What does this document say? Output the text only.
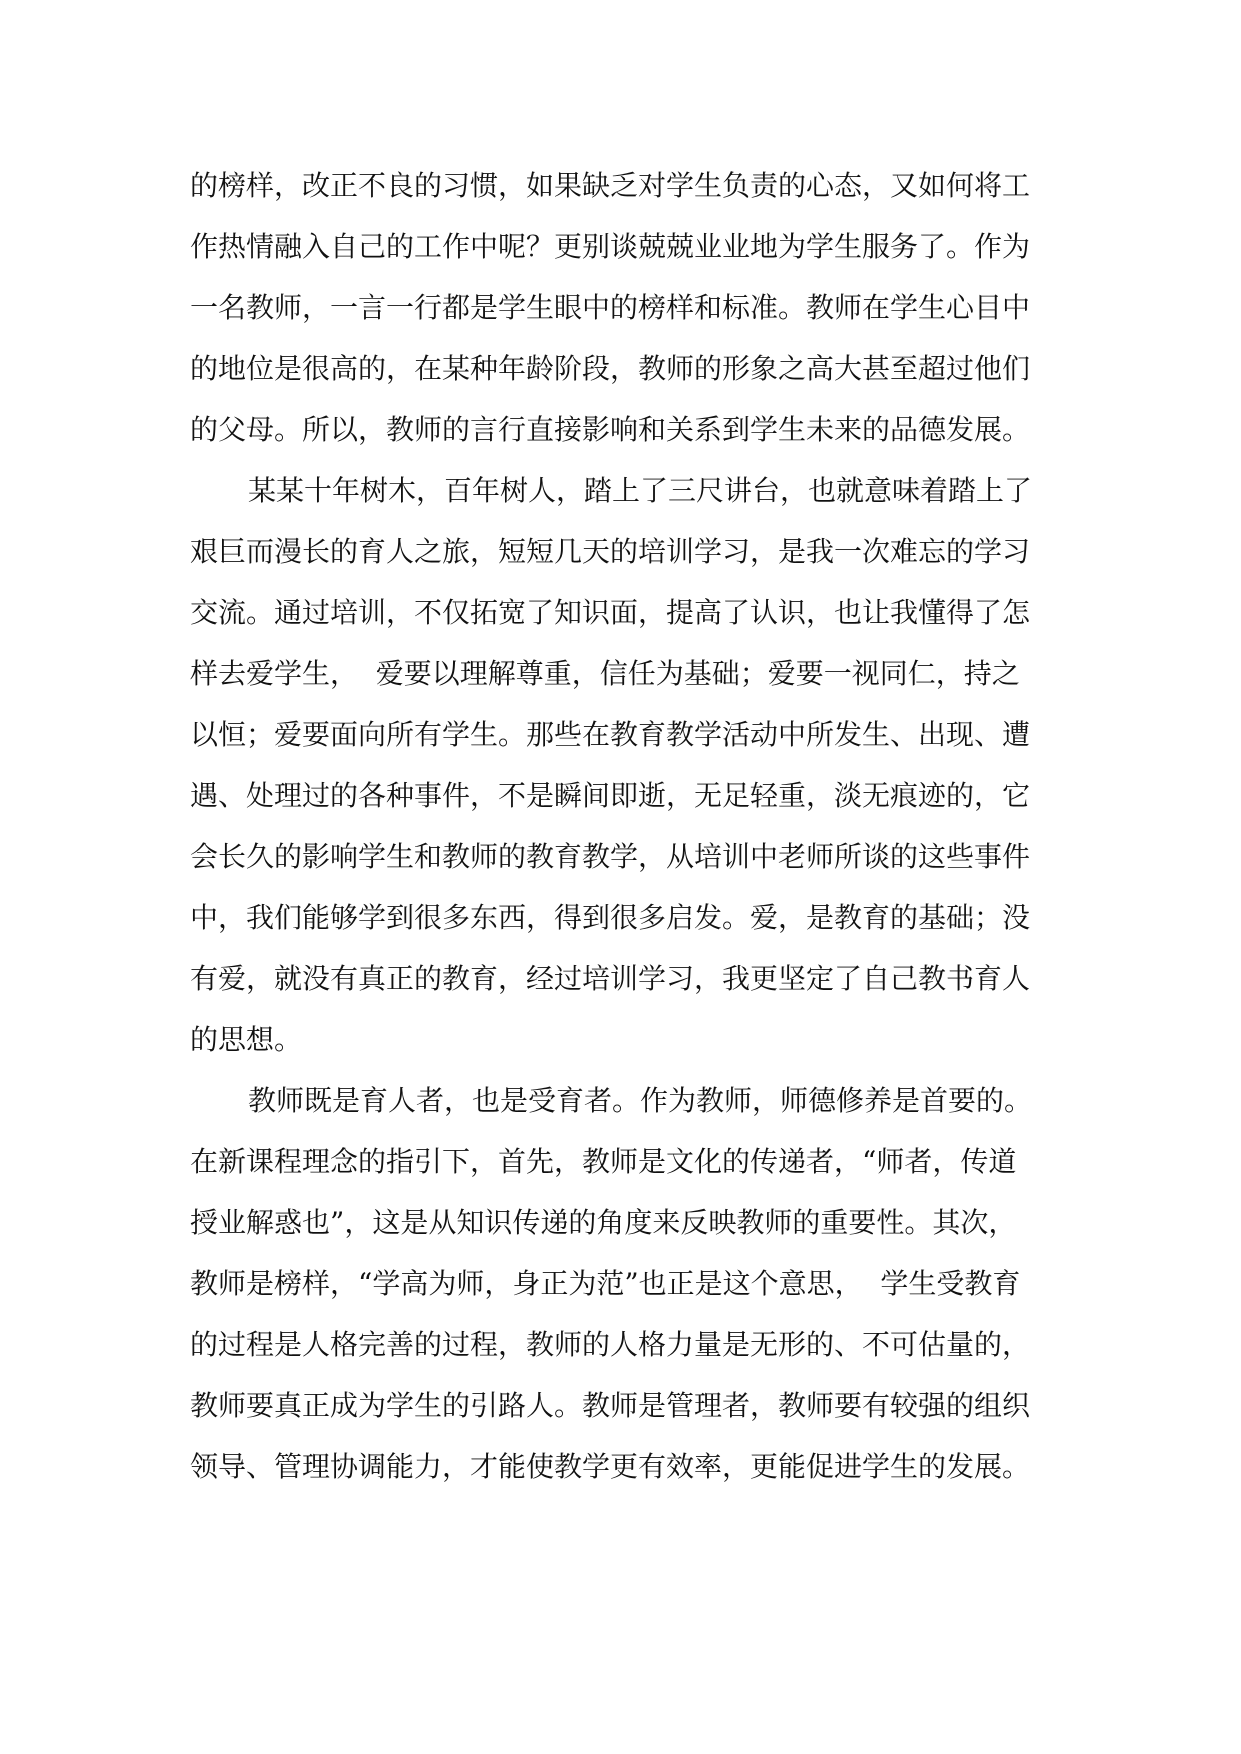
的榜样，改正不良的习惯，如果缺乏对学生负责的心态，又如何将工
作热情融入自己的工作中呢？更别谈兢兢业业地为学生服务了。作为
一名教师，一言一行都是学生眼中的榜样和标准。教师在学生心目中
的地位是很高的，在某种年龄阶段，教师的形象之高大甚至超过他们
的父母。所以，教师的言行直接影响和关系到学生未来的品德发展。
某某十年树木，百年树人，踏上了三尺讲台，也就意味着踏上了
艰巨而漫长的育人之旅，短短几天的培训学习，是我一次难忘的学习
交流。通过培训，不仅拓宽了知识面，提高了认识，也让我懂得了怎
样去爱学生，  爱要以理解尊重，信任为基础；爱要一视同仁，持之
以恒；爱要面向所有学生。那些在教育教学活动中所发生、出现、遭
遇、处理过的各种事件，不是瞬间即逝，无足轻重，淡无痕迹的，它
会长久的影响学生和教师的教育教学，从培训中老师所谈的这些事件
中，我们能够学到很多东西，得到很多启发。爱，是教育的基础；没
有爱，就没有真正的教育，经过培训学习，我更坚定了自己教书育人
的思想。
教师既是育人者，也是受育者。作为教师，师德修养是首要的。
在新课程理念的指引下，首先，教师是文化的传递者，“师者，传道
授业解惑也”，这是从知识传递的角度来反映教师的重要性。其次，
教师是榜样，“学高为师，身正为范”也正是这个意思，  学生受教育
的过程是人格完善的过程，教师的人格力量是无形的、不可估量的，
教师要真正成为学生的引路人。教师是管理者，教师要有较强的组织
领导、管理协调能力，才能使教学更有效率，更能促进学生的发展。
